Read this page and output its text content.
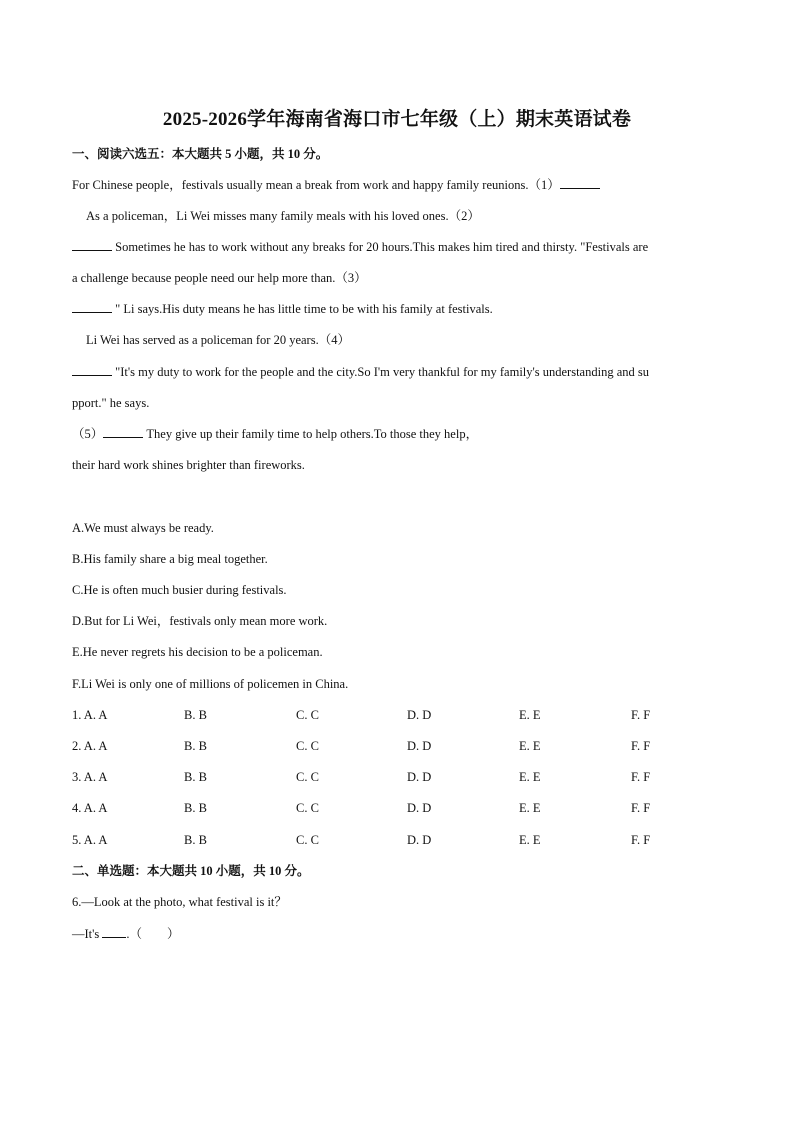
2025-2026学年海南省海口市七年级（上）期末英语试卷
一、阅读六选五：本大题共 5 小题，共 10 分。
For Chinese people，festivals usually mean a break from work and happy family reunions.（1）
As a policeman，Li Wei misses many family meals with his loved ones.（2）
Sometimes he has to work without any breaks for 20 hours.This makes him tired and thirsty. "Festivals are
a challenge because people need our help more than.（3）
" Li says.His duty means he has little time to be with his family at festivals.
Li Wei has served as a policeman for 20 years.（4）
"It's my duty to work for the people and the city.So I'm very thankful for my family's understanding and su
pport." he says.
（5）	They give up their family time to help others.To those they help，
their hard work shines brighter than fireworks.
A.We must always be ready.
B.His family share a big meal together.
C.He is often much busier during festivals.
D.But for Li Wei，festivals only mean more work.
E.He never regrets his decision to be a policeman.
F.Li Wei is only one of millions of policemen in China.
1. A. A	B. B	C. C	D. D	E. E	F. F
2. A. A	B. B	C. C	D. D	E. E	F. F
3. A. A	B. B	C. C	D. D	E. E	F. F
4. A. A	B. B	C. C	D. D	E. E	F. F
5. A. A	B. B	C. C	D. D	E. E	F. F
二、单选题：本大题共 10 小题，共 10 分。
6.—Look at the photo, what festival is it？
—It's .（　　）
